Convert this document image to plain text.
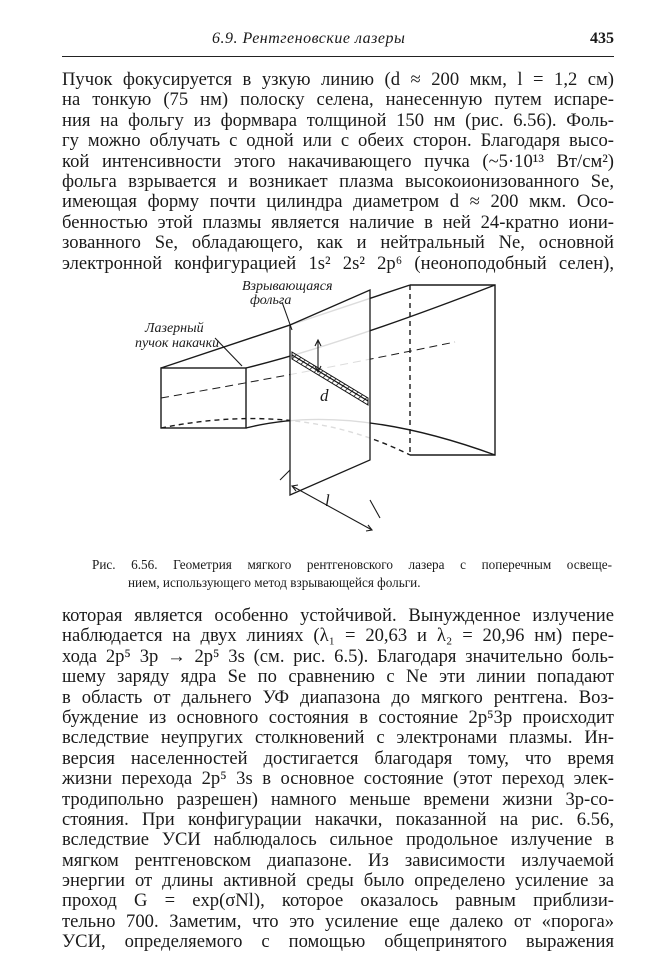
6.9. Рентгеновские лазеры	435
Пучок фокусируется в узкую линию (d ≈ 200 мкм, l = 1,2 см)
на тонкую (75 нм) полоску селена, нанесенную путем испаре-
ния на фольгу из формвара толщиной 150 нм (рис. 6.56). Фоль-
гу можно облучать с одной или с обеих сторон. Благодаря высо-
кой интенсивности этого накачивающего пучка (~5·10¹³ Вт/см²)
фольга взрывается и возникает плазма высокоионизованного Se,
имеющая форму почти цилиндра диаметром d ≈ 200 мкм. Осо-
бенностью этой плазмы является наличие в ней 24-кратно иони-
зованного Se, обладающего, как и нейтральный Ne, основной
электронной конфигурацией 1s² 2s² 2p⁶ (неоноподобный селен),
Взрывающаяся
фольга
Лазерный
пучок накачки
d
l
Рис. 6.56. Геометрия мягкого рентгеновского лазера с поперечным освеще-
нием, использующего метод взрывающейся фольги.
которая является особенно устойчивой. Вынужденное излучение
наблюдается на двух линиях (λ₁ = 20,63 и λ₂ = 20,96 нм) пере-
хода 2p⁵ 3p → 2p⁵ 3s (см. рис. 6.5). Благодаря значительно боль-
шему заряду ядра Se по сравнению с Ne эти линии попадают
в область от дальнего УФ диапазона до мягкого рентгена. Воз-
буждение из основного состояния в состояние 2p⁵3p происходит
вследствие неупругих столкновений с электронами плазмы. Ин-
версия населенностей достигается благодаря тому, что время
жизни перехода 2p⁵ 3s в основное состояние (этот переход элек-
тродипольно разрешен) намного меньше времени жизни 3p-со-
стояния. При конфигурации накачки, показанной на рис. 6.56,
вследствие УСИ наблюдалось сильное продольное излучение в
мягком рентгеновском диапазоне. Из зависимости излучаемой
энергии от длины активной среды было определено усиление за
проход G = exp(σNl), которое оказалось равным приблизи-
тельно 700. Заметим, что это усиление еще далеко от «порога»
УСИ, определяемого с помощью общепринятого выражения
